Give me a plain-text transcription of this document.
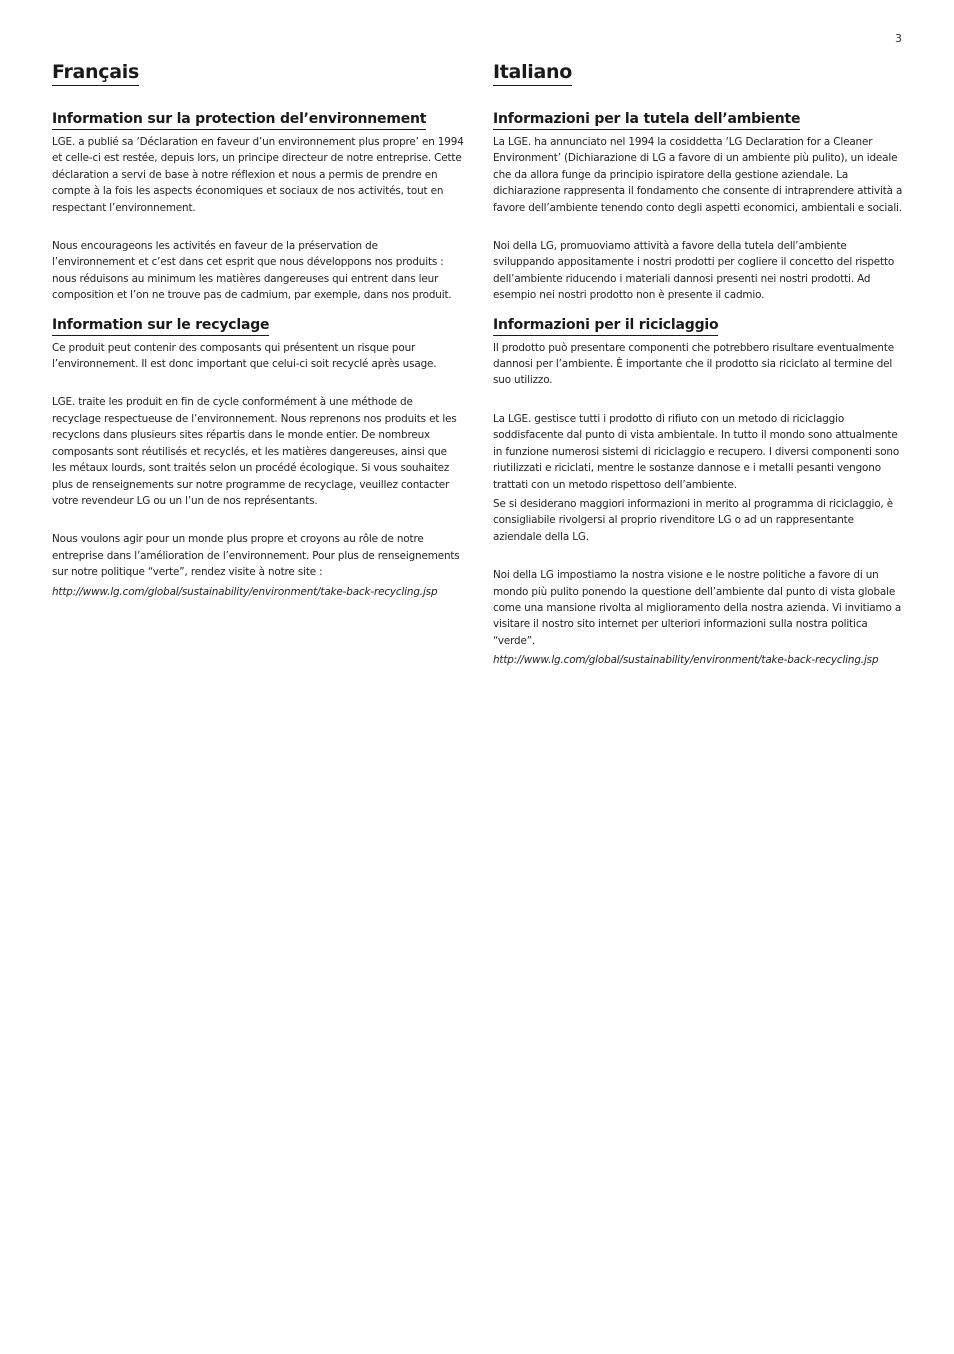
3
Français
Information sur la protection del’environnement

LGE. a publié sa ‘Déclaration en faveur d’un environnement plus propre’ en 1994 et celle-ci est restée, depuis lors, un principe directeur de notre entreprise. Cette déclaration a servi de base à notre réflexion et nous a permis de prendre en compte à la fois les aspects économiques et sociaux de nos activités, tout en respectant l’environnement.

Nous encourageons les activités en faveur de la préservation de l’environnement et c’est dans cet esprit que nous développons nos produits : nous réduisons au minimum les matières dangereuses qui entrent dans leur composition et l’on ne trouve pas de cadmium, par exemple, dans nos produit.

Information sur le recyclage

Ce produit peut contenir des composants qui présentent un risque pour l’environnement. Il est donc important que celui-ci soit recyclé après usage.

LGE. traite les produit en fin de cycle conformément à une méthode de recyclage respectueuse de l’environnement. Nous reprenons nos produits et les recyclons dans plusieurs sites répartis dans le monde entier. De nombreux composants sont réutilisés et recyclés, et les matières dangereuses, ainsi que les métaux lourds, sont traités selon un procédé écologique. Si vous souhaitez plus de renseignements sur notre programme de recyclage, veuillez contacter votre revendeur LG ou un l’un de nos représentants.

Nous voulons agir pour un monde plus propre et croyons au rôle de notre entreprise dans l’amélioration de l’environnement. Pour plus de renseignements sur notre politique “verte”, rendez visite à notre site :

http://www.lg.com/global/sustainability/environment/take-back-recycling.jsp

Italiano
Informazioni per la tutela dell’ambiente

La LGE. ha annunciato nel 1994 la cosiddetta ‘LG Declaration for a Cleaner Environment’ (Dichiarazione di LG a favore di un ambiente più pulito), un ideale che da allora funge da principio ispiratore della gestione aziendale. La dichiarazione rappresenta il fondamento che consente di intraprendere attività a favore dell’ambiente tenendo conto degli aspetti economici, ambientali e sociali.

Noi della LG, promuoviamo attività a favore della tutela dell’ambiente sviluppando appositamente i nostri prodotti per cogliere il concetto del rispetto dell’ambiente riducendo i materiali dannosi presenti nei nostri prodotti. Ad esempio nei nostri prodotto non è presente il cadmio.

Informazioni per il riciclaggio

Il prodotto può presentare componenti che potrebbero risultare eventualmente dannosi per l’ambiente. È importante che il prodotto sia riciclato al termine del suo utilizzo.

La LGE. gestisce tutti i prodotto di rifiuto con un metodo di riciclaggio soddisfacente dal punto di vista ambientale. In tutto il mondo sono attualmente in funzione numerosi sistemi di riciclaggio e recupero. I diversi componenti sono riutilizzati e riciclati, mentre le sostanze dannose e i metalli pesanti vengono trattati con un metodo rispettoso dell’ambiente.

Se si desiderano maggiori informazioni in merito al programma di riciclaggio, è consigliabile rivolgersi al proprio rivenditore LG o ad un rappresentante aziendale della LG.

Noi della LG impostiamo la nostra visione e le nostre politiche a favore di un mondo più pulito ponendo la questione dell’ambiente dal punto di vista globale come una mansione rivolta al miglioramento della nostra azienda. Vi invitiamo a visitare il nostro sito internet per ulteriori informazioni sulla nostra politica “verde”.

http://www.lg.com/global/sustainability/environment/take-back-recycling.jsp
